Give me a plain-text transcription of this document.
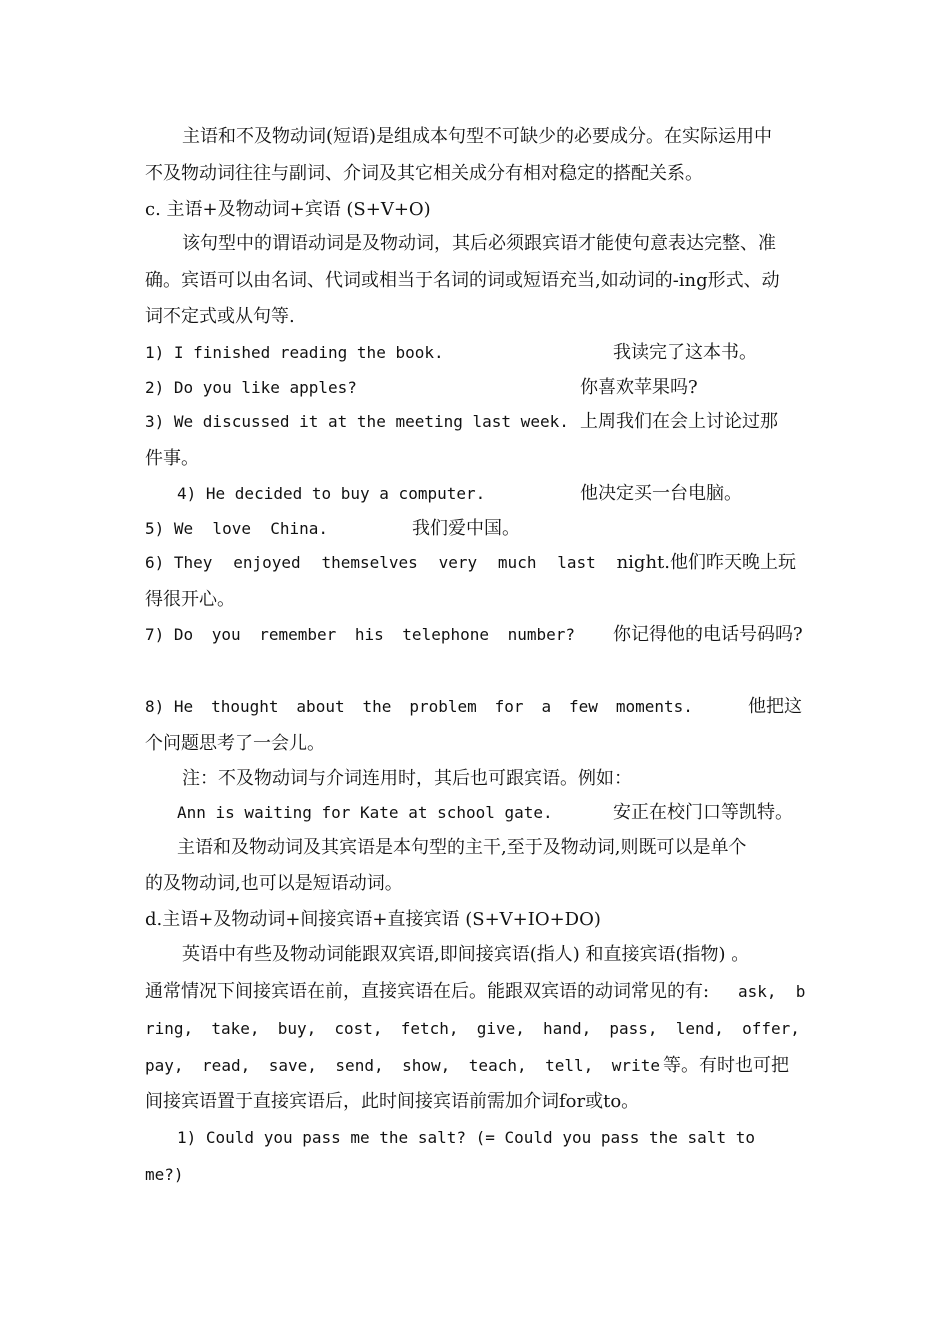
主语和不及物动词(短语)是组成本句型不可缺少的必要成分。在实际运用中

不及物动词往往与副词、介词及其它相关成分有相对稳定的搭配关系。

c. 主语+及物动词+宾语 (S+V+O)

该句型中的谓语动词是及物动词，其后必须跟宾语才能使句意表达完整、准

确。宾语可以由名词、代词或相当于名词的词或短语充当,如动词的-ing形式、动

词不定式或从句等.

1) I finished reading the book.

	我读完了这本书。

2) Do you like apples?

	你喜欢苹果吗?

3) We discussed it at the meeting last week.

上周我们在会上讨论过那

件事。

4) He decided to buy a computer.

	他决定买一台电脑。

5) We  love  China.

	我们爱中国。

6) They enjoyed themselves very much last night.他们昨天晚上玩

得很开心。

7) Do you remember his telephone number?

你记得他的电话号码吗?

8) He thought about the problem for a few moments.

	他把这

个问题思考了一会儿。

注：不及物动词与介词连用时，其后也可跟宾语。例如：

Ann is waiting for Kate at school gate.

	安正在校门口等凯特。

主语和及物动词及其宾语是本句型的主干,至于及物动词,则既可以是单个

的及物动词,也可以是短语动词。

d.主语+及物动词+间接宾语+直接宾语 (S+V+IO+DO)

英语中有些及物动词能跟双宾语,即间接宾语(指人) 和直接宾语(指物) 。

通常情况下间接宾语在前，直接宾语在后。能跟双宾语的动词常见的有:

ask,  b

ring, take, buy, cost, fetch, give, hand, pass, lend, offer,

pay, read, save, send, show, teach, tell, write

等。有时也可把

间接宾语置于直接宾语后，此时间接宾语前需加介词for或to。

1) Could you pass me the salt? (= Could you pass the salt to

me?)
